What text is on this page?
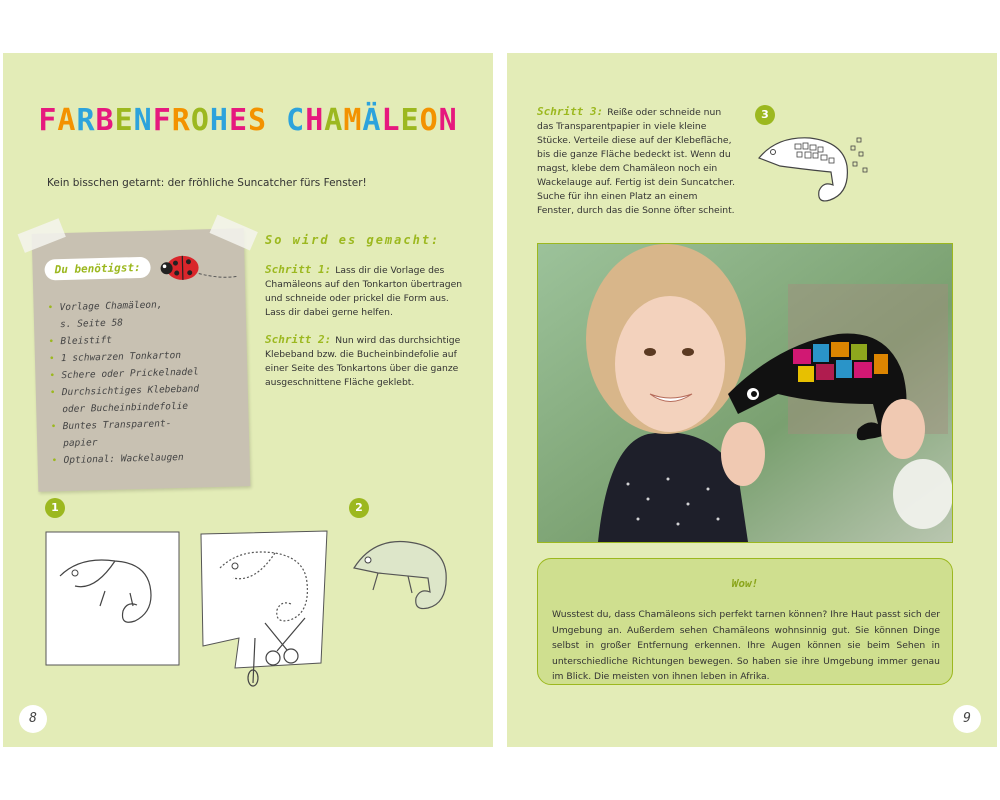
FARBENFROHES CHAMÄLEON
Kein bisschen getarnt: der fröhliche Suncatcher fürs Fenster!
Du benötigst:
• Vorlage Chamäleon,
s. Seite 58
• Bleistift
• 1 schwarzen Tonkarton
• Schere oder Prickelnadel
• Durchsichtiges Klebeband
oder Bucheinbindefolie
• Buntes Transparent-
papier
• Optional: Wackelaugen
So wird es gemacht:
Schritt 1: Lass dir die Vorlage des Chamäleons auf den Tonkarton übertragen und schneide oder prickel die Form aus. Lass dir dabei gerne helfen.
Schritt 2: Nun wird das durchsichtige Klebeband bzw. die Bucheinbindefolie auf einer Seite des Tonkartons über die ganze ausgeschnittene Fläche geklebt.
1	2
8
Schritt 3: Reiße oder schneide nun das Transparentpapier in viele kleine Stücke. Verteile diese auf der Klebefläche, bis die ganze Fläche bedeckt ist. Wenn du magst, klebe dem Chamäleon noch ein Wackelauge auf. Fertig ist dein Suncatcher. Suche für ihn einen Platz an einem Fenster, durch das die Sonne öfter scheint.
3
Wow!
Wusstest du, dass Chamäleons sich perfekt tarnen können? Ihre Haut passt sich der Umgebung an. Außerdem sehen Chamäleons wohnsinnig gut. Sie können Dinge selbst in großer Entfernung erkennen. Ihre Augen können sie beim Sehen in unterschiedliche Richtungen bewegen. So haben sie ihre Umgebung immer genau im Blick. Die meisten von ihnen leben in Afrika.
9
